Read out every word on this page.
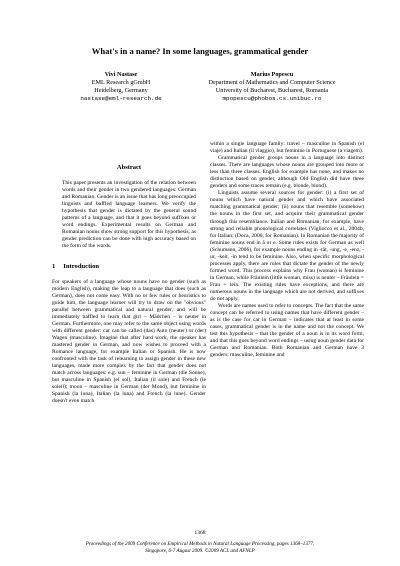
What's in a name? In some languages, grammatical gender
Vivi Nastase
EML Research gGmbH
Heidelberg, Germany
nastase@eml-research.de
Marius Popescu
Department of Mathematics and Computer Science
University of Bucharest, Bucharest, Romania
mpopescu@phobos.cs.unibuc.ro
Abstract

This paper presents an investigation of the relation between words and their gender in two gendered languages: German and Romanian. Gender is an issue that has long preoccupied linguists and baffled language learners. We verify the hypothesis that gender is dictated by the general sound patterns of a language, and that it goes beyond suffixes or word endings. Experimental results on German and Romanian nouns show strong support for this hypothesis, as gender prediction can be done with high accuracy based on the form of the words.

1 Introduction

For speakers of a language whose nouns have no gender (such as modern English), making the leap to a language that does (such as German), does not come easy. With no or few rules or heuristics to guide him, the language learner will try to draw on the "obvious" parallel between grammatical and natural gender, and will be immediately baffled to learn that girl – Mädchen – is neuter in German. Furthermore, one may refer to the same object using words with different gender: car can be called (das) Auto (neuter) or (der) Wagen (masculine). Imagine that after hard work, the speaker has mastered gender in German, and now wishes to proceed with a Romance language, for example Italian or Spanish. He is now confronted with the task of relearning to assign gender in these new languages, made more complex by the fact that gender does not match across languages: e.g. sun – feminine in German (die Sonne), but masculine in Spanish (el sol), Italian (il sole) and French (le soleil); moon – masculine in German (der Mond), but feminine in Spanish (la luna), Italian (la luna) and French (la lune). Gender doesn't even match

within a single language family: travel – masculine in Spanish (el viaje) and Italian (il viaggio), but feminine in Portuguese (a viagem).

Grammatical gender groups nouns in a language into distinct classes. There are languages whose nouns are grouped into more or less than three classes. English for example has none, and makes no distinction based on gender, although Old English did have three genders and some traces remain (e.g. blonde, blond).

Linguists assume several sources for gender: (i) a first set of nouns which have natural gender and which have associated matching grammatical gender; (ii) nouns that resemble (somehow) the nouns in the first set, and acquire their grammatical gender through this resemblance. Italian and Romanian, for example, have strong and reliable phonological correlates (Vigliocco et al., 2004b, for Italian; (Doca, 2000, for Romanian). In Romanian the majority of feminine nouns end in ă or e. Some rules exists for German as well (Schumann, 2006), for example nouns ending in -tät, -ung, -e, -enz, -ur, -keit, -in tend to be feminine. Also, when specific morphological processes apply, there are rules that dictate the gender of the newly formed word. This process explains why Frau (woman) is feminine in German, while Fräulein (little woman, miss) is neuter – Fräulein = Frau + lein. The existing rules have exceptions, and there are numerous nouns in the language which are not derived, and suffixes do not apply.

Words are names used to refer to concepts. The fact that the same concept can be referred to using names that have different gender – as is the case for car in German – indicates that at least in some cases, grammatical gender is in the name and not the concept. We test this hypothesis – that the gender of a noun is in its word form, and that this goes beyond word endings – using noun gender data for German and Romanian. Both Romanian and German have 3 genders: masculine, feminine and

1368
Proceedings of the 2009 Conference on Empirical Methods in Natural Language Processing, pages 1368–1377,
Singapore, 6-7 August 2009. ©2009 ACL and AFNLP
